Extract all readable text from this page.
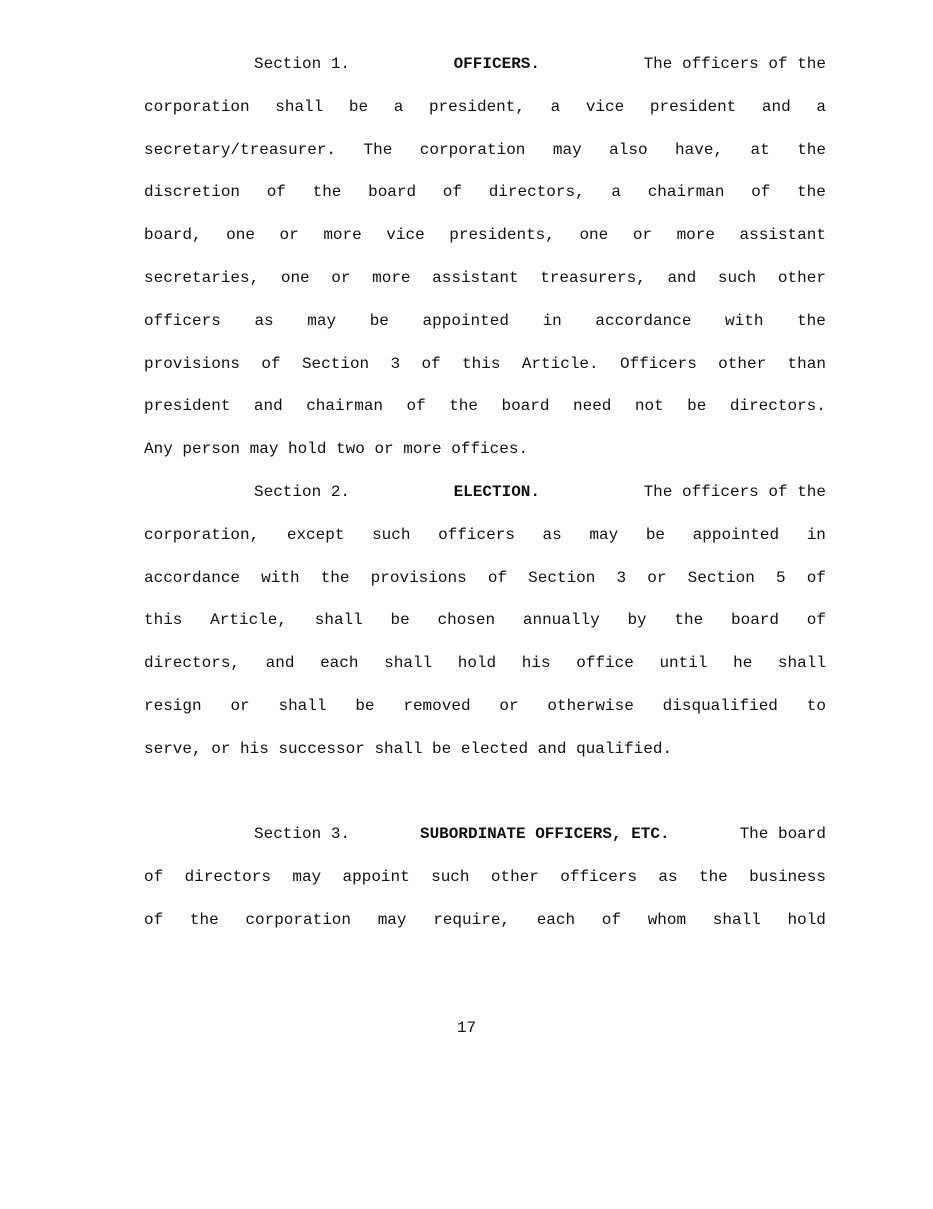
Section 1.	OFFICERS.	The officers of the
corporation shall be a president, a vice president and a
secretary/treasurer. The corporation may also have, at the
discretion of the board of directors, a chairman of the
board, one or more vice presidents, one or more assistant
secretaries, one or more assistant treasurers, and such other
officers as may be appointed in accordance with the
provisions of Section 3 of this Article. Officers other than
president and chairman of the board need not be directors.
Any person may hold two or more offices.
Section 2.	ELECTION.	The officers of the
corporation, except such officers as may be appointed in
accordance with the provisions of Section 3 or Section 5 of
this Article, shall be chosen annually by the board of
directors, and each shall hold his office until he shall
resign or shall be removed or otherwise disqualified to
serve, or his successor shall be elected and qualified.
Section 3.	SUBORDINATE OFFICERS, ETC.	The board
of directors may appoint such other officers as the business
of the corporation may require, each of whom shall hold
17
